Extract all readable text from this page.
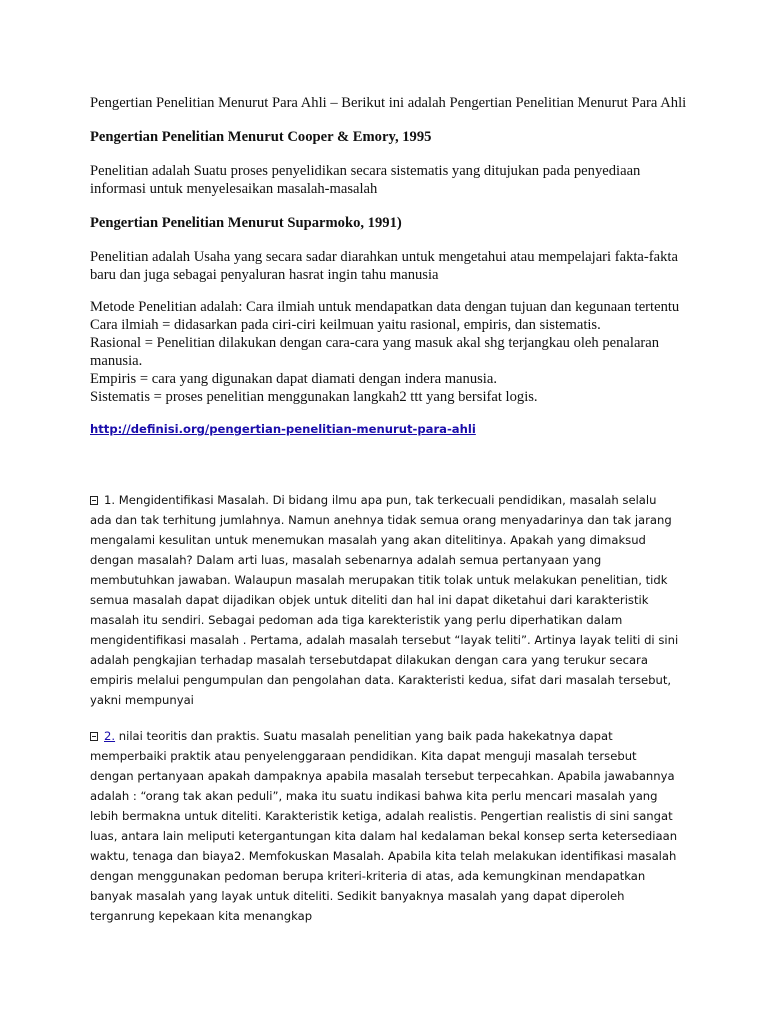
Pengertian Penelitian Menurut Para Ahli – Berikut ini adalah Pengertian Penelitian Menurut Para Ahli

Pengertian Penelitian Menurut Cooper & Emory, 1995

Penelitian adalah Suatu proses penyelidikan secara sistematis yang ditujukan pada penyediaan informasi untuk menyelesaikan masalah-masalah

Pengertian Penelitian Menurut Suparmoko, 1991)

Penelitian adalah Usaha yang secara sadar diarahkan untuk mengetahui atau mempelajari fakta-fakta baru dan juga sebagai penyaluran hasrat ingin tahu manusia

Metode Penelitian adalah: Cara ilmiah untuk mendapatkan data dengan tujuan dan kegunaan tertentu
Cara ilmiah = didasarkan pada ciri-ciri keilmuan yaitu rasional, empiris, dan sistematis.
Rasional = Penelitian dilakukan dengan cara-cara yang masuk akal shg terjangkau oleh penalaran manusia.
Empiris = cara yang digunakan dapat diamati dengan indera manusia.
Sistematis = proses penelitian menggunakan langkah2 ttt yang bersifat logis.
http://definisi.org/pengertian-penelitian-menurut-para-ahli

1. Mengidentifikasi Masalah. Di bidang ilmu apa pun, tak terkecuali pendidikan, masalah selalu ada dan tak terhitung jumlahnya. Namun anehnya tidak semua orang menyadarinya dan tak jarang mengalami kesulitan untuk menemukan masalah yang akan ditelitinya. Apakah yang dimaksud dengan masalah? Dalam arti luas, masalah sebenarnya adalah semua pertanyaan yang membutuhkan jawaban. Walaupun masalah merupakan titik tolak untuk melakukan penelitian, tidk semua masalah dapat dijadikan objek untuk diteliti dan hal ini dapat diketahui dari karakteristik masalah itu sendiri. Sebagai pedoman ada tiga karekteristik yang perlu diperhatikan dalam mengidentifikasi masalah . Pertama, adalah masalah tersebut “layak teliti”. Artinya layak teliti di sini adalah pengkajian terhadap masalah tersebutdapat dilakukan dengan cara yang terukur secara empiris melalui pengumpulan dan pengolahan data. Karakteristi kedua, sifat dari masalah tersebut, yakni mempunyai

2. nilai teoritis dan praktis. Suatu masalah penelitian yang baik pada hakekatnya dapat memperbaiki praktik atau penyelenggaraan pendidikan. Kita dapat menguji masalah tersebut dengan pertanyaan apakah dampaknya apabila masalah tersebut terpecahkan. Apabila jawabannya adalah : “orang tak akan peduli”, maka itu suatu indikasi bahwa kita perlu mencari masalah yang lebih bermakna untuk diteliti. Karakteristik ketiga, adalah realistis. Pengertian realistis di sini sangat luas, antara lain meliputi ketergantungan kita dalam hal kedalaman bekal konsep serta ketersediaan waktu, tenaga dan biaya2. Memfokuskan Masalah. Apabila kita telah melakukan identifikasi masalah dengan menggunakan pedoman berupa kriteri-kriteria di atas, ada kemungkinan mendapatkan banyak masalah yang layak untuk diteliti. Sedikit banyaknya masalah yang dapat diperoleh terganrung kepekaan kita menangkap
